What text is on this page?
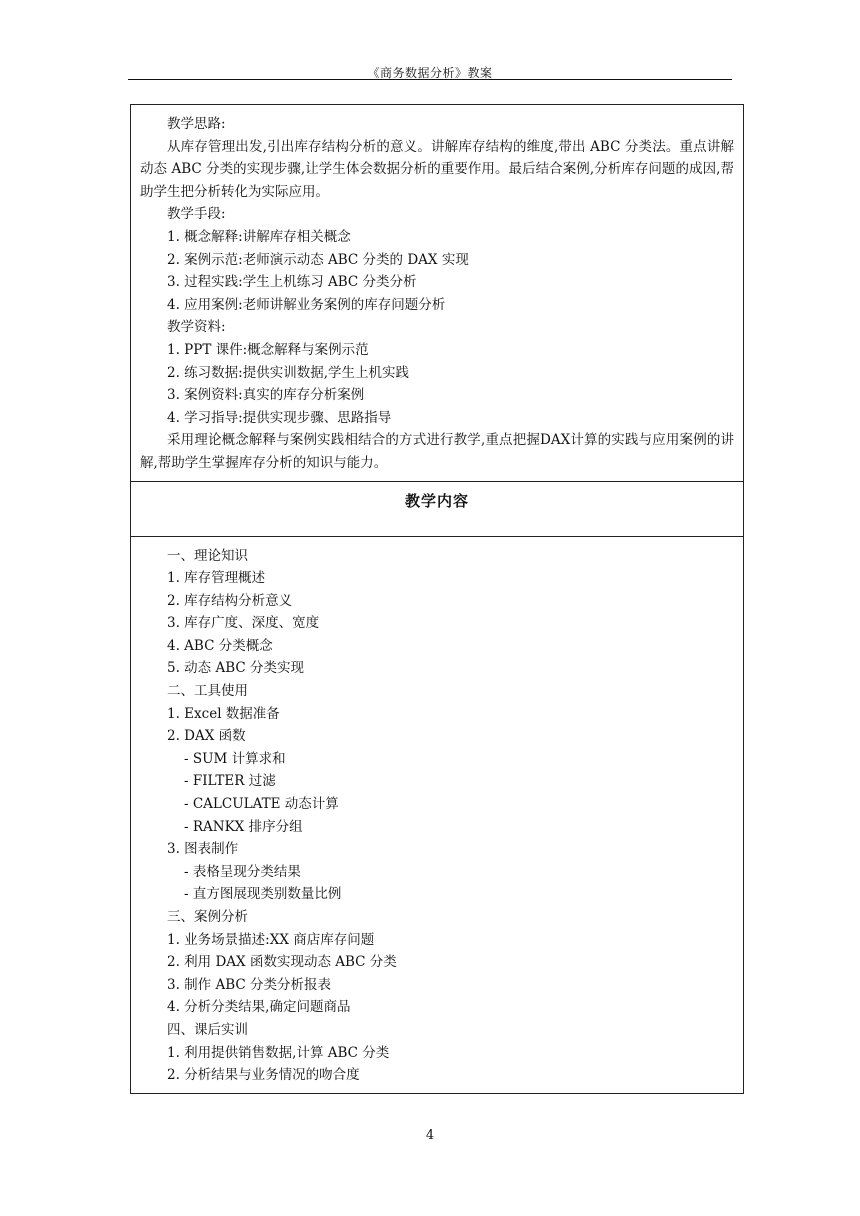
《商务数据分析》教案
教学思路:
从库存管理出发,引出库存结构分析的意义。讲解库存结构的维度,带出 ABC 分类法。重点讲解动态 ABC 分类的实现步骤,让学生体会数据分析的重要作用。最后结合案例,分析库存问题的成因,帮助学生把分析转化为实际应用。
教学手段:
1. 概念解释:讲解库存相关概念
2. 案例示范:老师演示动态 ABC 分类的 DAX 实现
3. 过程实践:学生上机练习 ABC 分类分析
4. 应用案例:老师讲解业务案例的库存问题分析
教学资料:
1. PPT 课件:概念解释与案例示范
2. 练习数据:提供实训数据,学生上机实践
3. 案例资料:真实的库存分析案例
4. 学习指导:提供实现步骤、思路指导
采用理论概念解释与案例实践相结合的方式进行教学,重点把握DAX计算的实践与应用案例的讲解,帮助学生掌握库存分析的知识与能力。

教学内容

一、理论知识
1. 库存管理概述
2. 库存结构分析意义
3. 库存广度、深度、宽度
4. ABC 分类概念
5. 动态 ABC 分类实现
二、工具使用
1. Excel 数据准备
2. DAX 函数
- SUM 计算求和
- FILTER 过滤
- CALCULATE 动态计算
- RANKX 排序分组
3. 图表制作
- 表格呈现分类结果
- 直方图展现类别数量比例
三、案例分析
1. 业务场景描述:XX 商店库存问题
2. 利用 DAX 函数实现动态 ABC 分类
3. 制作 ABC 分类分析报表
4. 分析分类结果,确定问题商品
四、课后实训
1. 利用提供销售数据,计算 ABC 分类
2. 分析结果与业务情况的吻合度
4
